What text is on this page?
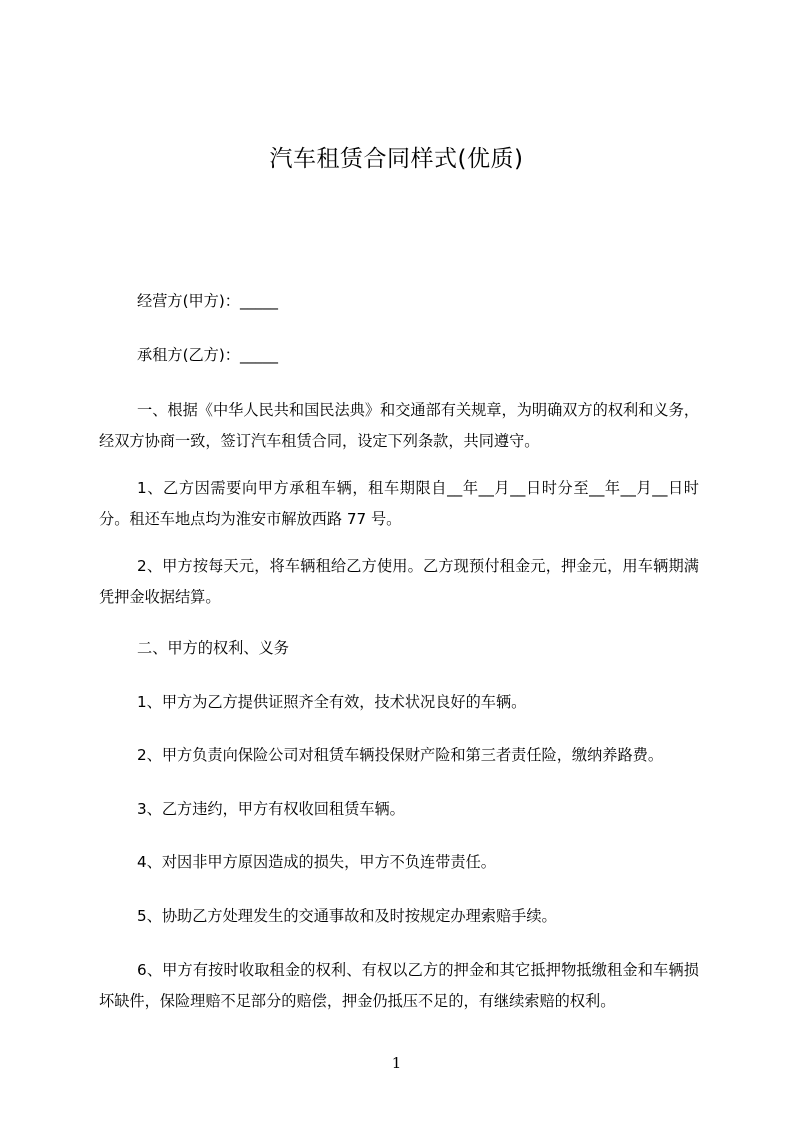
汽车租赁合同样式(优质)

经营方(甲方)：_____

承租方(乙方)：_____

一、根据《中华人民共和国民法典》和交通部有关规章，为明确双方的权利和义务，经双方协商一致，签订汽车租赁合同，设定下列条款，共同遵守。

1、乙方因需要向甲方承租车辆，租车期限自__年__月__日时分至__年__月__日时分。租还车地点均为淮安市解放西路 77 号。

2、甲方按每天元，将车辆租给乙方使用。乙方现预付租金元，押金元，用车辆期满凭押金收据结算。

二、甲方的权利、义务

1、甲方为乙方提供证照齐全有效，技术状况良好的车辆。

2、甲方负责向保险公司对租赁车辆投保财产险和第三者责任险，缴纳养路费。

3、乙方违约，甲方有权收回租赁车辆。

4、对因非甲方原因造成的损失，甲方不负连带责任。

5、协助乙方处理发生的交通事故和及时按规定办理索赔手续。

6、甲方有按时收取租金的权利、有权以乙方的押金和其它抵押物抵缴租金和车辆损坏缺件，保险理赔不足部分的赔偿，押金仍抵压不足的，有继续索赔的权利。

1
